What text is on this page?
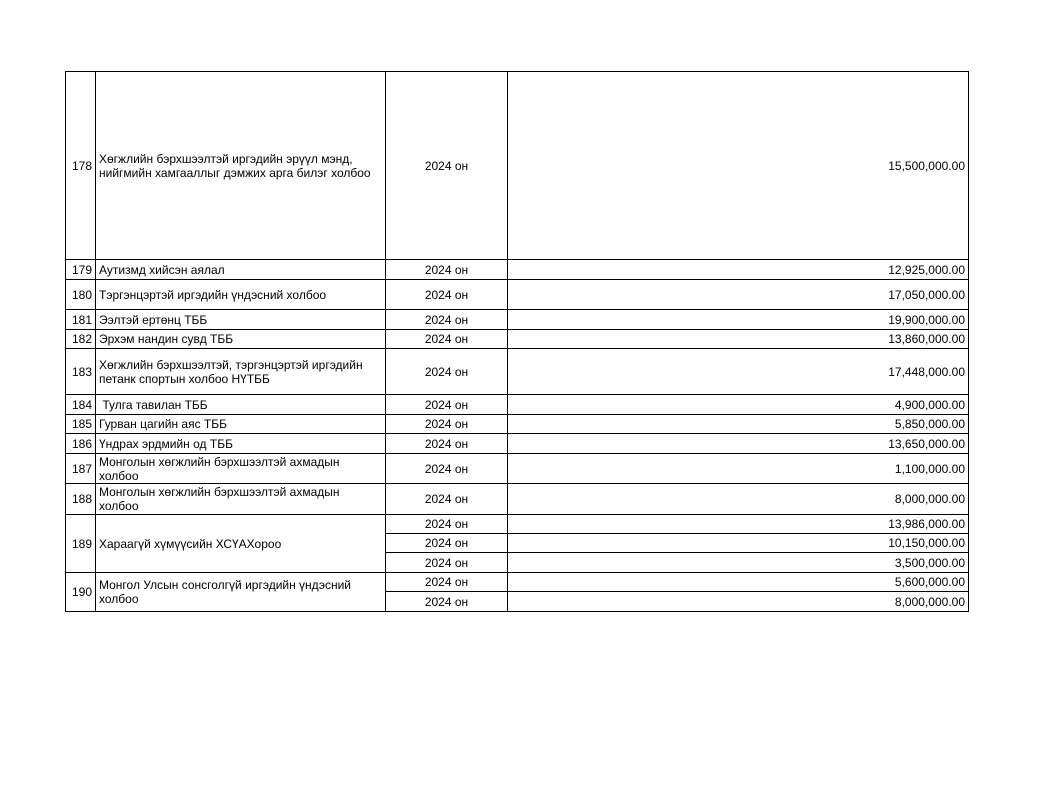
178	Хөгжлийн бэрхшээлтэй иргэдийн эрүүл мэнд, нийгмийн хамгааллыг дэмжих арга билэг холбоо	2024 он	15,500,000.00
179	Аутизмд хийсэн аялал	2024 он	12,925,000.00
180	Тэргэнцэртэй иргэдийн үндэсний холбоо	2024 он	17,050,000.00
181	Ээлтэй ертөнц ТББ	2024 он	19,900,000.00
182	Эрхэм нандин сувд ТББ	2024 он	13,860,000.00
183	Хөгжлийн бэрхшээлтэй, тэргэнцэртэй иргэдийн петанк спортын холбоо НҮТББ	2024 он	17,448,000.00
184	Тулга тавилан ТББ	2024 он	4,900,000.00
185	Гурван цагийн аяс ТББ	2024 он	5,850,000.00
186	Үндрах эрдмийн од ТББ	2024 он	13,650,000.00
187	Монголын хөгжлийн бэрхшээлтэй ахмадын холбоо	2024 он	1,100,000.00
188	Монголын хөгжлийн бэрхшээлтэй ахмадын холбоо	2024 он	8,000,000.00
189	Хараагүй хүмүүсийн ХСҮАХороо	2024 он	13,986,000.00
		2024 он	10,150,000.00
		2024 он	3,500,000.00
190	Монгол Улсын сонсголгүй иргэдийн үндэсний холбоо	2024 он	5,600,000.00
		2024 он	8,000,000.00
